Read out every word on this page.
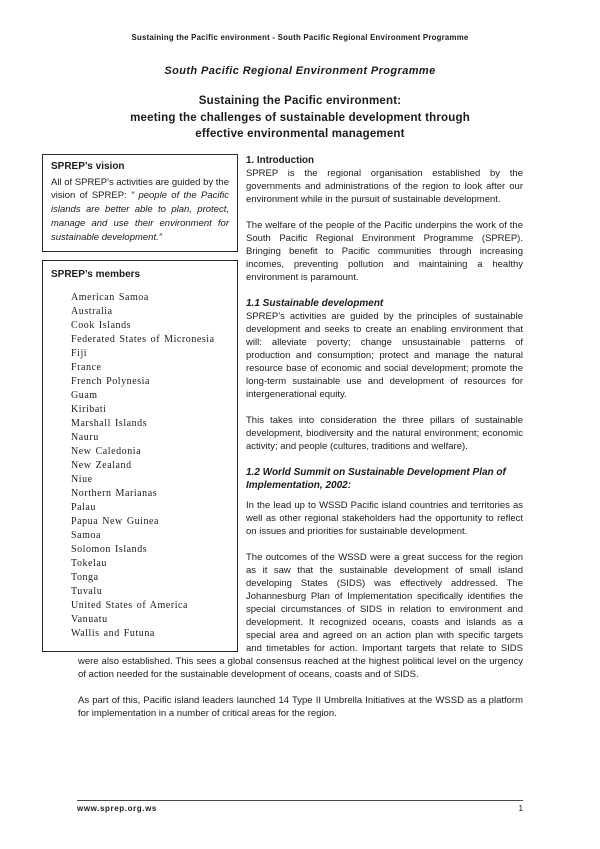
Sustaining the Pacific environment - South Pacific Regional Environment Programme
South Pacific Regional Environment Programme
Sustaining the Pacific environment:
meeting the challenges of sustainable development through
effective environmental management
SPREP’s vision
All of SPREP’s activities are guided by the vision of SPREP: “ people of the Pacific islands are better able to plan, protect, manage and use their environment for sustainable development.”
SPREP’s members
American Samoa
Australia
Cook Islands
Federated States of Micronesia
Fiji
France
French Polynesia
Guam
Kiribati
Marshall Islands
Nauru
New Caledonia
New Zealand
Niue
Northern Marianas
Palau
Papua New Guinea
Samoa
Solomon Islands
Tokelau
Tonga
Tuvalu
United States of America
Vanuatu
Wallis and Futuna
1. Introduction

SPREP is the regional organisation established by the governments and administrations of the region to look after our environment while in the pursuit of sustainable development.

The welfare of the people of the Pacific underpins the work of the South Pacific Regional Environment Programme (SPREP). Bringing benefit to Pacific communities through increasing incomes, preventing pollution and maintaining a healthy environment is paramount.

1.1 Sustainable development

SPREP’s activities are guided by the principles of sustainable development and seeks to create an enabling environment that will: alleviate poverty; change unsustainable patterns of production and consumption; protect and manage the natural resource base of economic and social development; promote the long-term sustainable use and development of resources for intergenerational equity.

This takes into consideration the three pillars of sustainable development, biodiversity and the natural environment; economic activity; and people (cultures, traditions and welfare).

1.2 World Summit on Sustainable Development Plan of Implementation, 2002:

In the lead up to WSSD Pacific island countries and territories as well as other regional stakeholders had the opportunity to reflect on issues and priorities for sustainable development.

The outcomes of the WSSD were a great success for the region as it saw that the sustainable development of small island developing States (SIDS) was effectively addressed. The Johannesburg Plan of Implementation specifically identifies the special circumstances of SIDS in relation to environment and development. It recognized oceans, coasts and islands as a special area and agreed on an action plan with specific targets and timetables for action. Important targets that relate to SIDS were also established. This sees a global consensus reached at the highest political level on the urgency of action needed for the sustainable development of oceans, coasts and of SIDS.

As part of this, Pacific island leaders launched 14 Type II Umbrella Initiatives at the WSSD as a platform for implementation in a number of critical areas for the region.

www.sprep.org.ws	1
